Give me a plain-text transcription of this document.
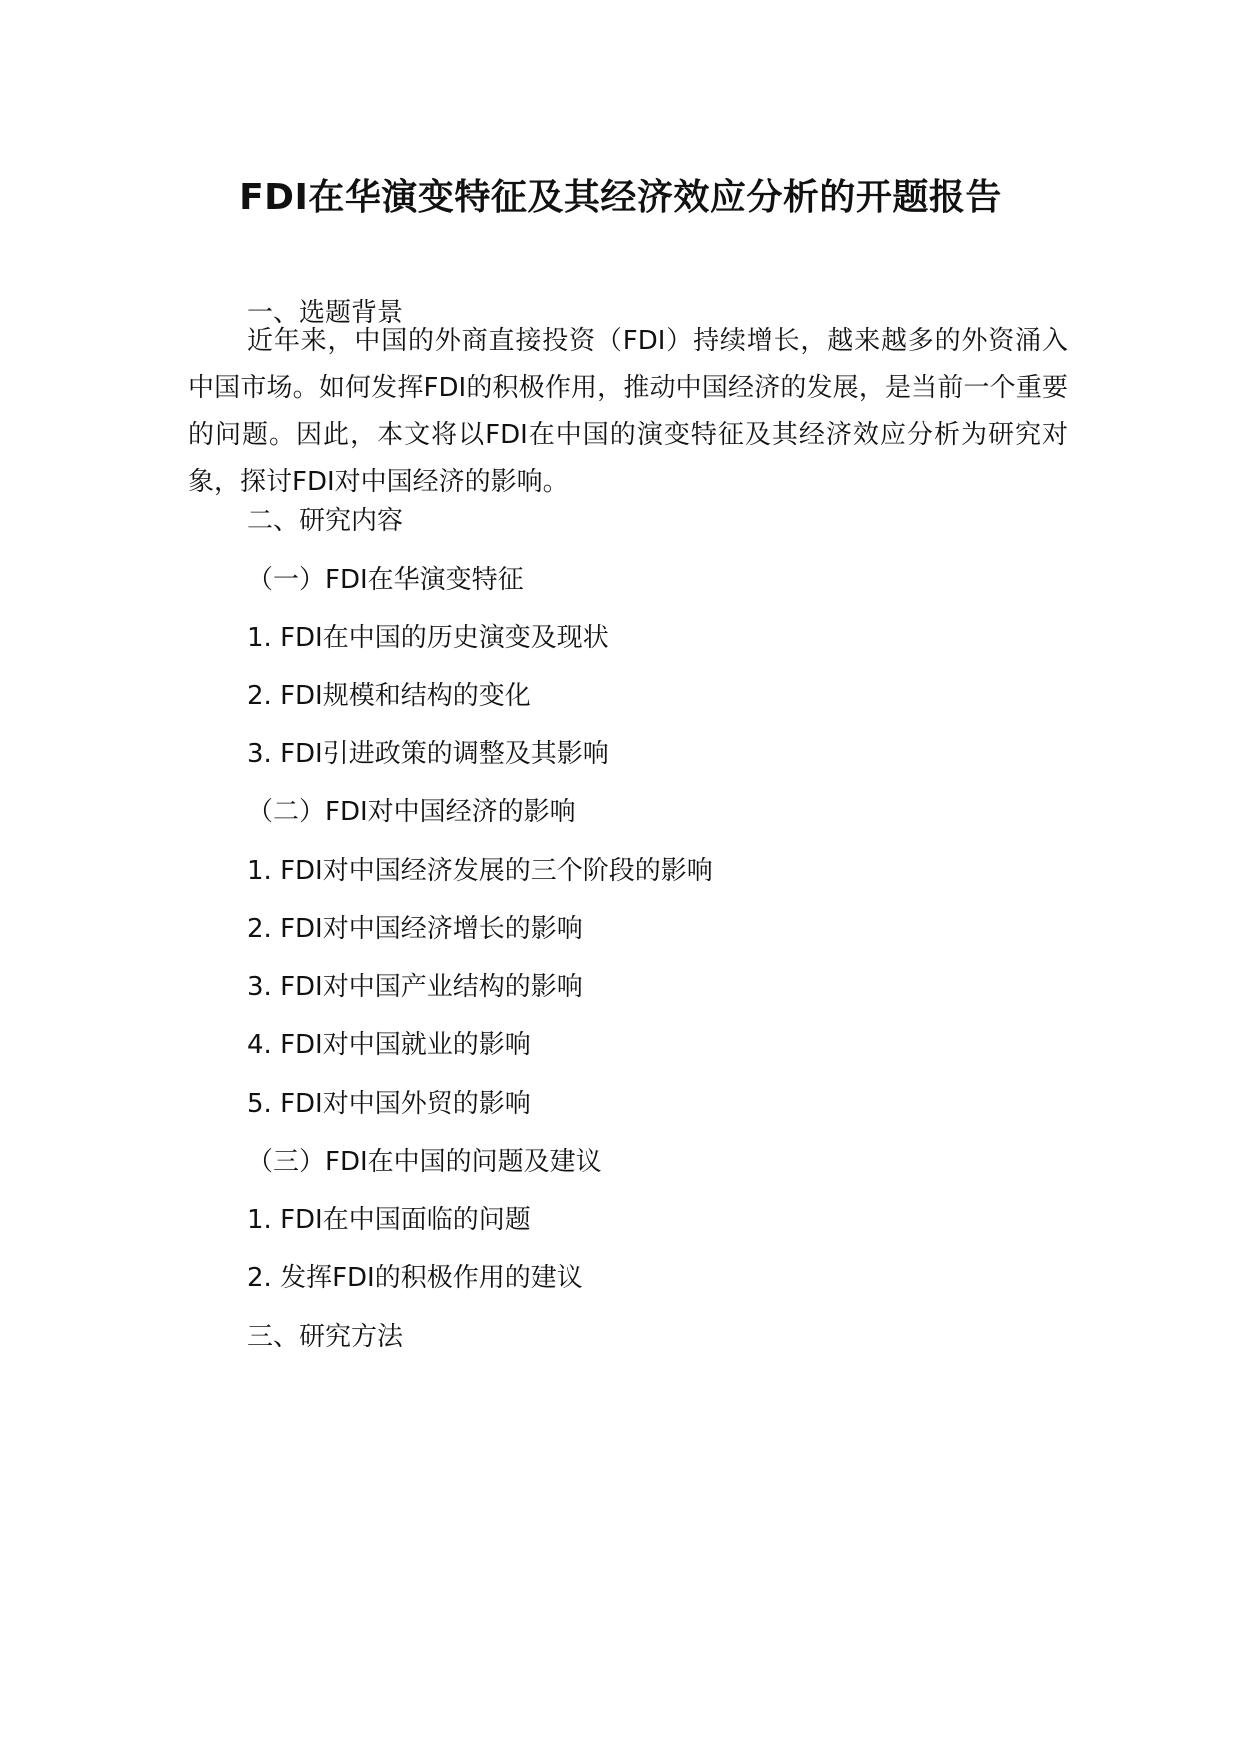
FDI在华演变特征及其经济效应分析的开题报告
一、选题背景
近年来，中国的外商直接投资（FDI）持续增长，越来越多的外资涌入中国市场。如何发挥FDI的积极作用，推动中国经济的发展，是当前一个重要的问题。因此，本文将以FDI在中国的演变特征及其经济效应分析为研究对象，探讨FDI对中国经济的影响。
二、研究内容
（一）FDI在华演变特征
1. FDI在中国的历史演变及现状
2. FDI规模和结构的变化
3. FDI引进政策的调整及其影响
（二）FDI对中国经济的影响
1. FDI对中国经济发展的三个阶段的影响
2. FDI对中国经济增长的影响
3. FDI对中国产业结构的影响
4. FDI对中国就业的影响
5. FDI对中国外贸的影响
（三）FDI在中国的问题及建议
1. FDI在中国面临的问题
2. 发挥FDI的积极作用的建议
三、研究方法
